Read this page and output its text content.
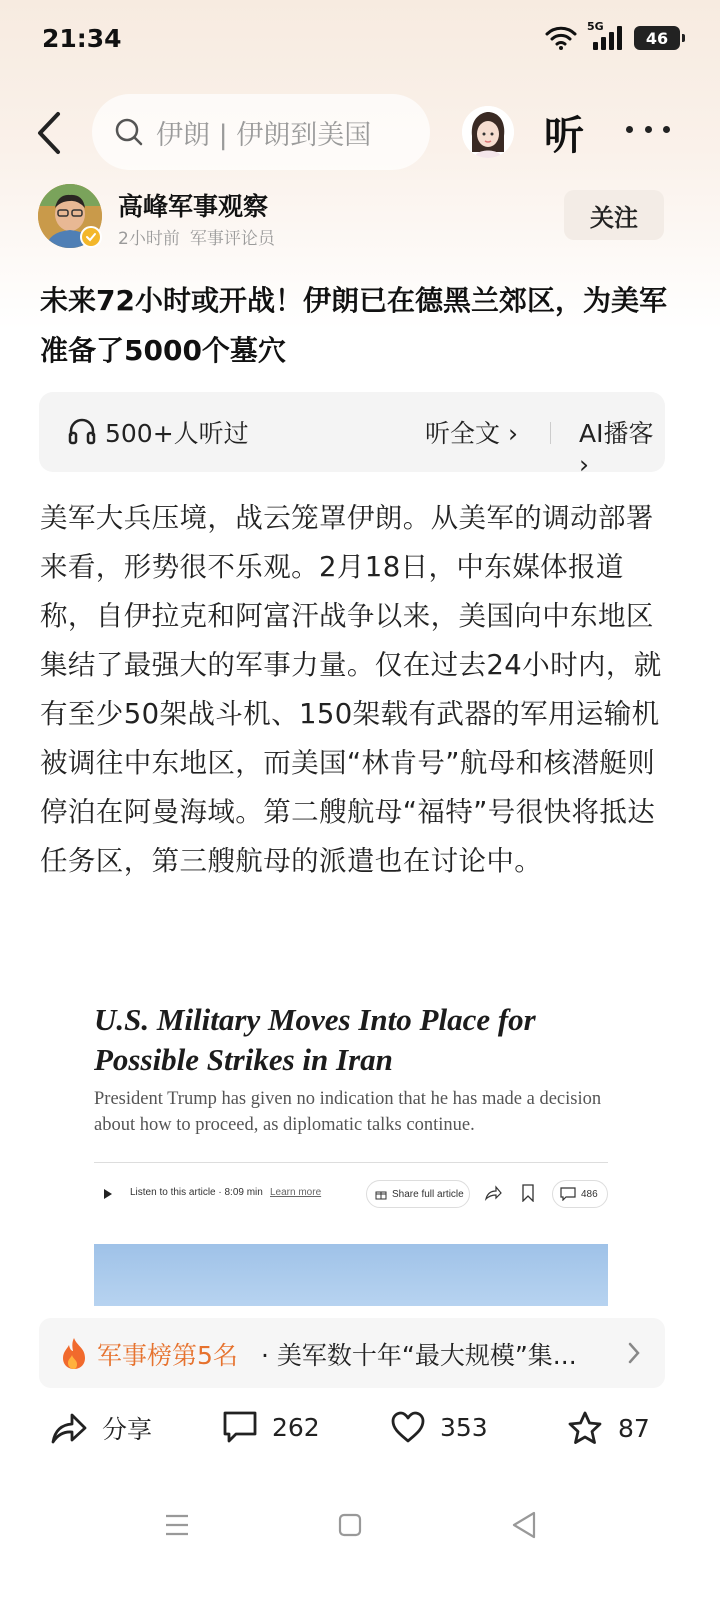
21:34	5G
46
伊朗 | 伊朗到美国	听
高峰军事观察
2小时前 军事评论员
关注
未来72小时或开战！伊朗已在德黑兰郊区，为美军准备了5000个墓穴
500+人听过	听全文 › AI播客 ›
美军大兵压境，战云笼罩伊朗。从美军的调动部署来看，形势很不乐观。2月18日，中东媒体报道称，自伊拉克和阿富汗战争以来，美国向中东地区集结了最强大的军事力量。仅在过去24小时内，就有至少50架战斗机、150架载有武器的军用运输机被调往中东地区，而美国“林肯号”航母和核潜艇则停泊在阿曼海域。第二艘航母“福特”号很快将抵达任务区，第三艘航母的派遣也在讨论中。
U.S. Military Moves Into Place for Possible Strikes in Iran
President Trump has given no indication that he has made a decision about how to proceed, as diplomatic talks continue.
Listen to this article · 8:09 min Learn more	Share full article	486
军事榜第5名 · 美军数十年“最大规模”集...
分享	262	353	87
